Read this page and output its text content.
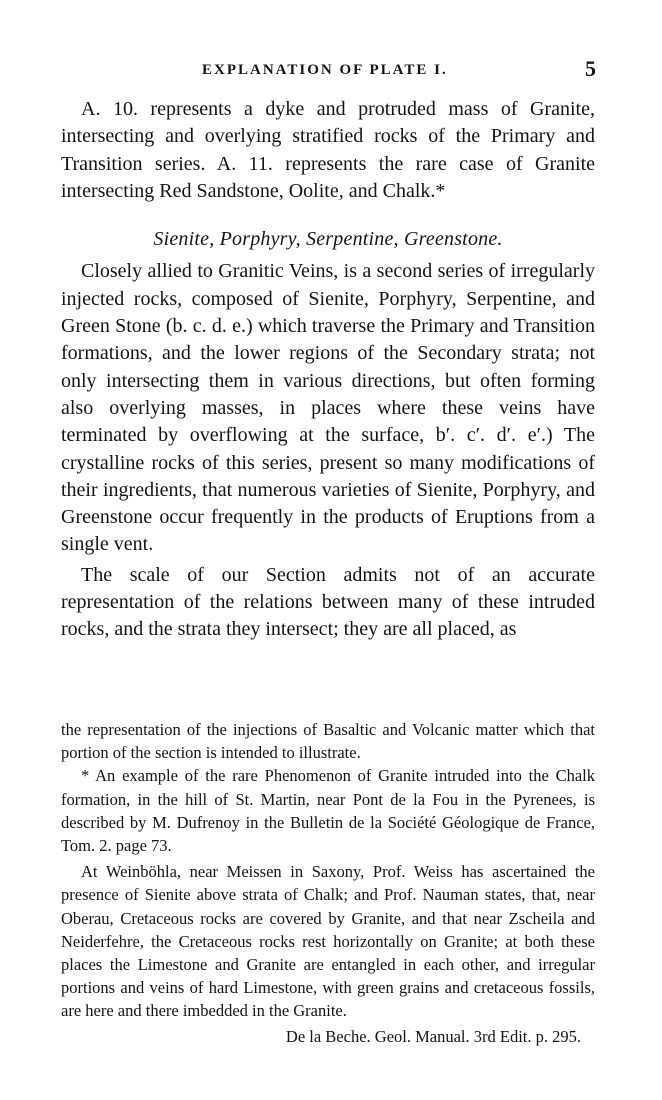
EXPLANATION OF PLATE I.	5

A. 10. represents a dyke and protruded mass of Granite, intersecting and overlying stratified rocks of the Primary and Transition series. A. 11. represents the rare case of Granite intersecting Red Sandstone, Oolite, and Chalk.*

Sienite, Porphyry, Serpentine, Greenstone.

Closely allied to Granitic Veins, is a second series of irregularly injected rocks, composed of Sienite, Porphyry, Serpentine, and Green Stone (b. c. d. e.) which traverse the Primary and Transition formations, and the lower regions of the Secondary strata; not only intersecting them in various directions, but often forming also overlying masses, in places where these veins have terminated by overflowing at the surface, b′. c′. d′. e′.) The crystalline rocks of this series, present so many modifications of their ingredients, that numerous varieties of Sienite, Porphyry, and Greenstone occur frequently in the products of Eruptions from a single vent.

The scale of our Section admits not of an accurate representation of the relations between many of these intruded rocks, and the strata they intersect; they are all placed, as

the representation of the injections of Basaltic and Volcanic matter which that portion of the section is intended to illustrate.

* An example of the rare Phenomenon of Granite intruded into the Chalk formation, in the hill of St. Martin, near Pont de la Fou in the Pyrenees, is described by M. Dufrenoy in the Bulletin de la Société Géologique de France, Tom. 2. page 73.

At Weinböhla, near Meissen in Saxony, Prof. Weiss has ascertained the presence of Sienite above strata of Chalk; and Prof. Nauman states, that, near Oberau, Cretaceous rocks are covered by Granite, and that near Zscheila and Neiderfehre, the Cretaceous rocks rest horizontally on Granite; at both these places the Limestone and Granite are entangled in each other, and irregular portions and veins of hard Limestone, with green grains and cretaceous fossils, are here and there imbedded in the Granite.

De la Beche. Geol. Manual. 3rd Edit. p. 295.
